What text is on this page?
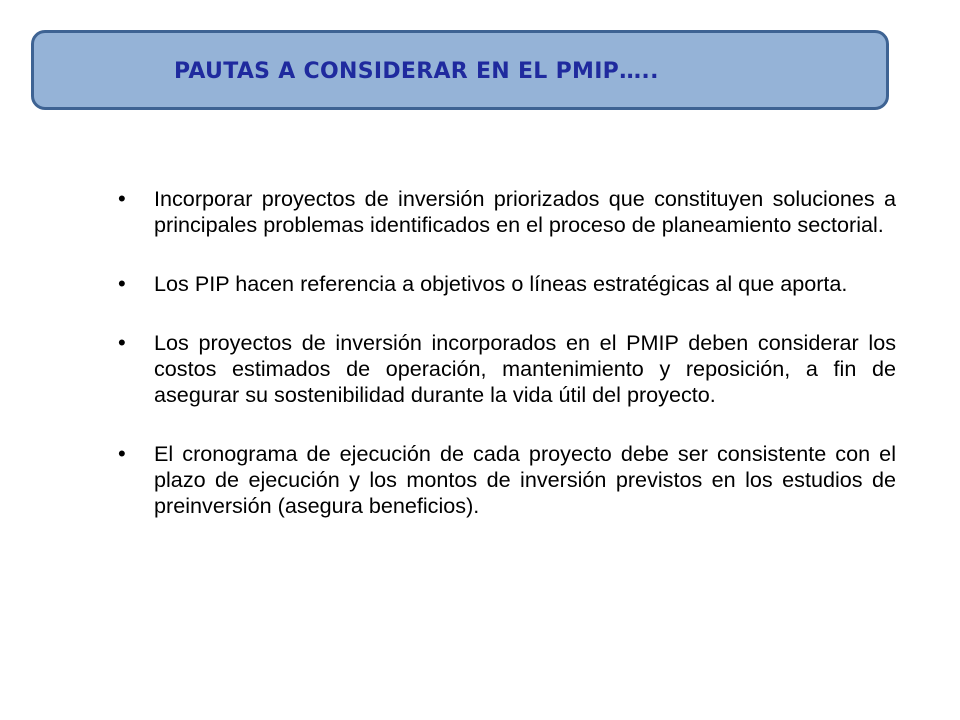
PAUTAS A CONSIDERAR EN EL PMIP…..
• Incorporar proyectos de inversión priorizados que constituyen soluciones a principales problemas identificados en el proceso de planeamiento sectorial.
• Los PIP hacen referencia a objetivos o líneas estratégicas al que aporta.
• Los proyectos de inversión incorporados en el PMIP deben considerar los costos estimados de operación, mantenimiento y reposición, a fin de asegurar su sostenibilidad durante la vida útil del proyecto.
• El cronograma de ejecución de cada proyecto debe ser consistente con el plazo de ejecución y los montos de inversión previstos en los estudios de preinversión (asegura beneficios).
